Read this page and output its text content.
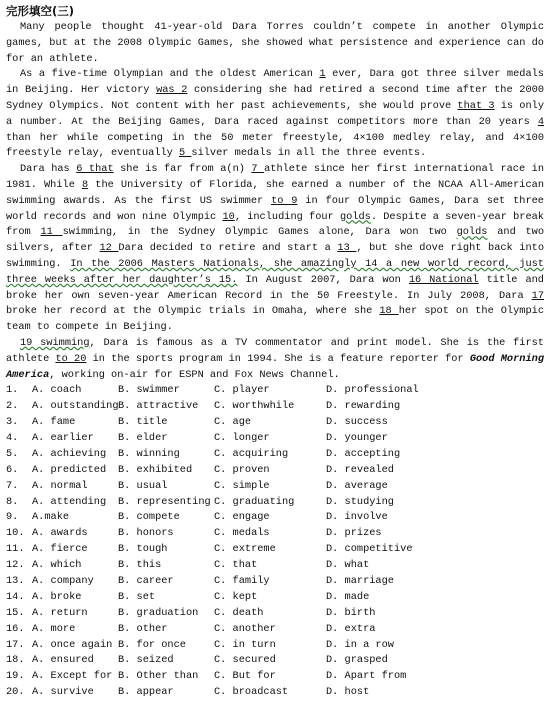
完形填空(三)
Many people thought 41-year-old Dara Torres couldn’t compete in another Olympic games, but at the 2008 Olympic Games, she showed what persistence and experience can do for an athlete.
As a five-time Olympian and the oldest American 1 ever, Dara got three silver medals in Beijing. Her victory was 2 considering she had retired a second time after the 2000 Sydney Olympics. Not content with her past achievements, she would prove that 3 is only a number. At the Beijing Games, Dara raced against competitors more than 20 years 4 than her while competing in the 50 meter freestyle, 4×100 medley relay, and 4×100 freestyle relay, eventually 5 silver medals in all the three events.
Dara has 6 that she is far from a(n) 7 athlete since her first international race in 1981. While 8 the University of Florida, she earned a number of the NCAA All-American swimming awards. As the first US swimmer to 9 in four Olympic Games, Dara set three world records and won nine Olympic 10, including four golds. Despite a seven-year break from 11 swimming, in the Sydney Olympic Games alone, Dara won two golds and two silvers, after 12 Dara decided to retire and start a 13 , but she dove right back into swimming. In the 2006 Masters Nationals, she amazingly 14 a new world record, just three weeks after her daughter’s 15. In August 2007, Dara won 16 National title and broke her own seven-year American Record in the 50 Freestyle. In July 2008, Dara 17 broke her record at the Olympic trials in Omaha, where she 18 her spot on the Olympic team to compete in Beijing.
19 swimming, Dara is famous as a TV commentator and print model. She is the first athlete to 20 in the sports program in 1994. She is a feature reporter for Good Morning America, working on-air for ESPN and Fox News Channel.
1.	A. coach	B. swimmer	C. player	D. professional
2.	A. outstanding B. attractive	C. worthwhile	D. rewarding
3.	A. fame	B. title	C. age	D. success
4.	A. earlier	B. elder	C. longer	D. younger
5.	A. achieving	B. winning	C. acquiring	D. accepting
6.	A. predicted	B. exhibited	C. proven	D. revealed
7.	A. normal	B. usual	C. simple	D. average
8.	A. attending	B. representing C. graduating	D. studying
9.	A.make	B. compete	C. engage	D. involve
10. A. awards	B. honors	C. medals	D. prizes
11. A. fierce	B. tough	C. extreme	D. competitive
12. A. which	B. this	C. that	D. what
13. A. company	B. career	C. family	D. marriage
14. A. broke	B. set	C. kept	D. made
15. A. return	B. graduation	C. death	D. birth
16. A. more	B. other	C. another	D. extra
17. A. once again B. for once	C. in turn	D. in a row
18. A. ensured	B. seized	C. secured	D. grasped
19. A. Except for B. Other than	C. But for	D. Apart from
20. A. survive	B. appear	C. broadcast	D. host
